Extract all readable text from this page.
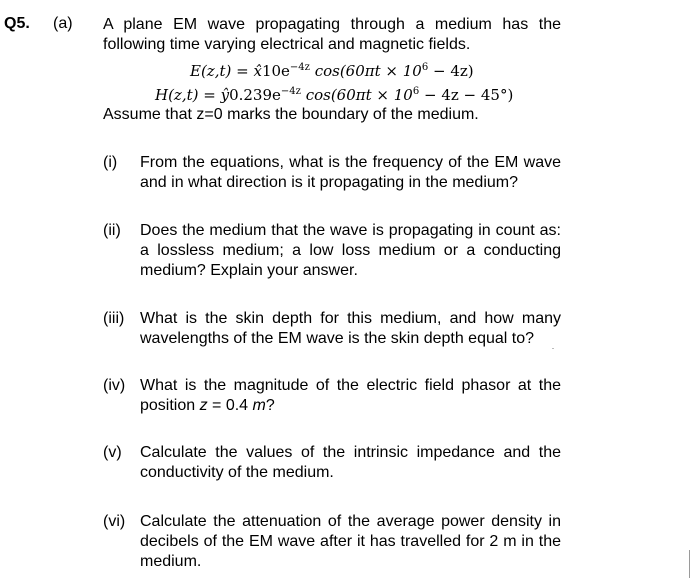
Q5. (a) A plane EM wave propagating through a medium has the following time varying electrical and magnetic fields.
$E(z,t) = x̂10e^{-4z}$ $\cos(60\pi t \times 10^6 - 4z)$
$H(z,t) = ŷ0.239e^{-4z}$ $\cos(60\pi t \times 10^6 - 4z - 45^\circ)$
Assume that z=0 marks the boundary of the medium.
(i) From the equations, what is the frequency of the EM wave and in what direction is it propagating in the medium?
(ii) Does the medium that the wave is propagating in count as: a lossless medium; a low loss medium or a conducting medium? Explain your answer.
(iii) What is the skin depth for this medium, and how many wavelengths of the EM wave is the skin depth equal to?
(iv) What is the magnitude of the electric field phasor at the position z = 0.4 m?
(v) Calculate the values of the intrinsic impedance and the conductivity of the medium.
(vi) Calculate the attenuation of the average power density in decibels of the EM wave after it has travelled for 2 m in the medium.
